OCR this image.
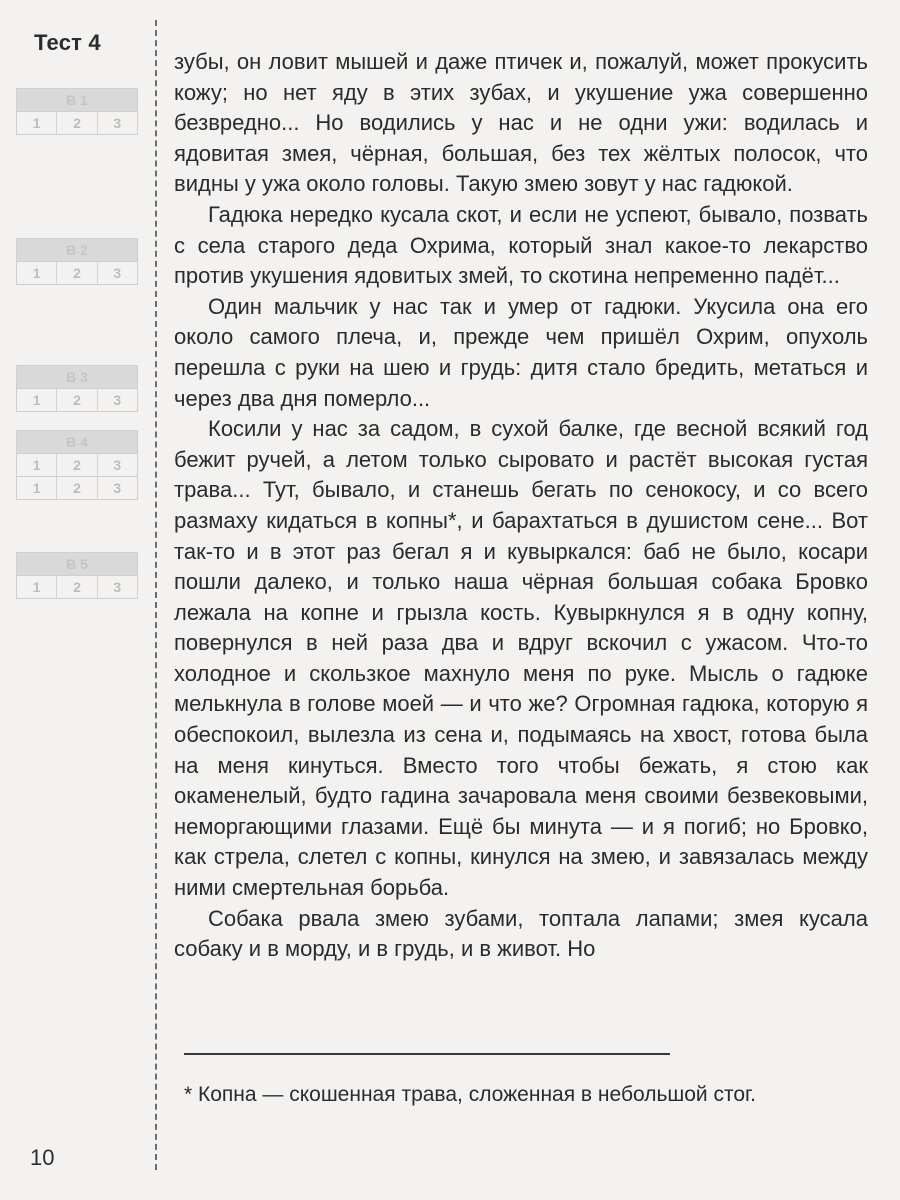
Тест 4
B 1
1	2	3
B 2
1	2	3
B 3
1	2	3
B 4
1	2	3
1	2	3
B 5
1	2	3

зубы, он ловит мышей и даже птичек и, пожалуй, может прокусить кожу; но нет яду в этих зубах, и укушение ужа совершенно безвредно... Но водились у нас и не одни ужи: водилась и ядовитая змея, чёрная, большая, без тех жёлтых полосок, что видны у ужа около головы. Такую змею зовут у нас гадюкой.

Гадюка нередко кусала скот, и если не успеют, бывало, позвать с села старого деда Охрима, который знал какое-то лекарство против укушения ядовитых змей, то скотина непременно падёт...

Один мальчик у нас так и умер от гадюки. Укусила она его около самого плеча, и, прежде чем пришёл Охрим, опухоль перешла с руки на шею и грудь: дитя стало бредить, метаться и через два дня померло...

Косили у нас за садом, в сухой балке, где весной всякий год бежит ручей, а летом только сыровато и растёт высокая густая трава... Тут, бывало, и станешь бегать по сенокосу, и со всего размаху кидаться в копны*, и барахтаться в душистом сене... Вот так-то и в этот раз бегал я и кувыркался: баб не было, косари пошли далеко, и только наша чёрная большая собака Бровко лежала на копне и грызла кость. Кувыркнулся я в одну копну, повернулся в ней раза два и вдруг вскочил с ужасом. Что-то холодное и скользкое махнуло меня по руке. Мысль о гадюке мелькнула в голове моей — и что же? Огромная гадюка, которую я обеспокоил, вылезла из сена и, подымаясь на хвост, готова была на меня кинуться. Вместо того чтобы бежать, я стою как окаменелый, будто гадина зачаровала меня своими безвековыми, неморгающими глазами. Ещё бы минута — и я погиб; но Бровко, как стрела, слетел с копны, кинулся на змею, и завязалась между ними смертельная борьба.

Собака рвала змею зубами, топтала лапами; змея кусала собаку и в морду, и в грудь, и в живот. Но

* Копна — скошенная трава, сложенная в небольшой стог.
10
